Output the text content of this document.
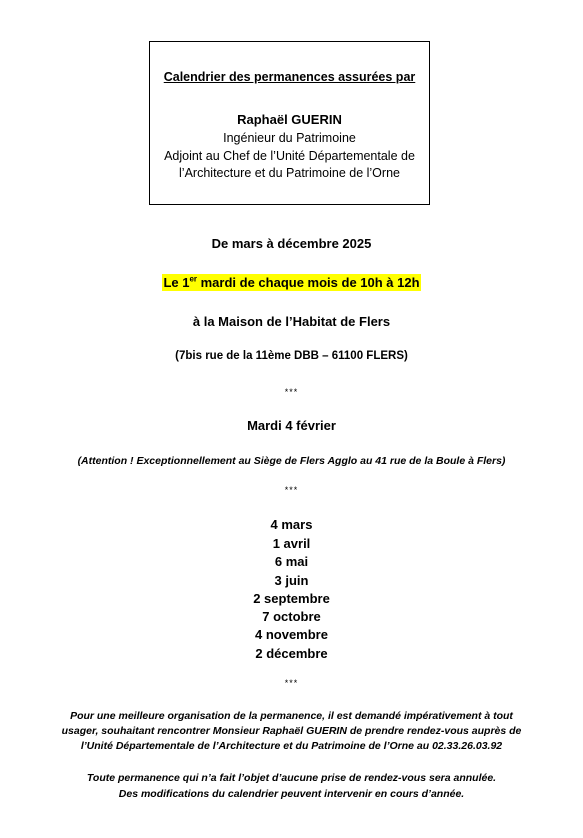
Calendrier des permanences assurées par
Raphaël GUERIN
Ingénieur du Patrimoine
Adjoint au Chef de l’Unité Départementale de
l’Architecture et du Patrimoine de l’Orne
De mars à décembre 2025
Le 1er mardi de chaque mois de 10h à 12h
à la Maison de l’Habitat de Flers
(7bis rue de la 11ème DBB – 61100 FLERS)
***
Mardi 4 février
(Attention ! Exceptionnellement au Siège de Flers Agglo au 41 rue de la Boule à Flers)
***
4 mars
1 avril
6 mai
3 juin
2 septembre
7 octobre
4 novembre
2 décembre
***
Pour une meilleure organisation de la permanence, il est demandé impérativement à tout
usager, souhaitant rencontrer Monsieur Raphaël GUERIN de prendre rendez-vous auprès de
l’Unité Départementale de l’Architecture et du Patrimoine de l’Orne au 02.33.26.03.92
Toute permanence qui n’a fait l’objet d’aucune prise de rendez-vous sera annulée.
Des modifications du calendrier peuvent intervenir en cours d’année.
